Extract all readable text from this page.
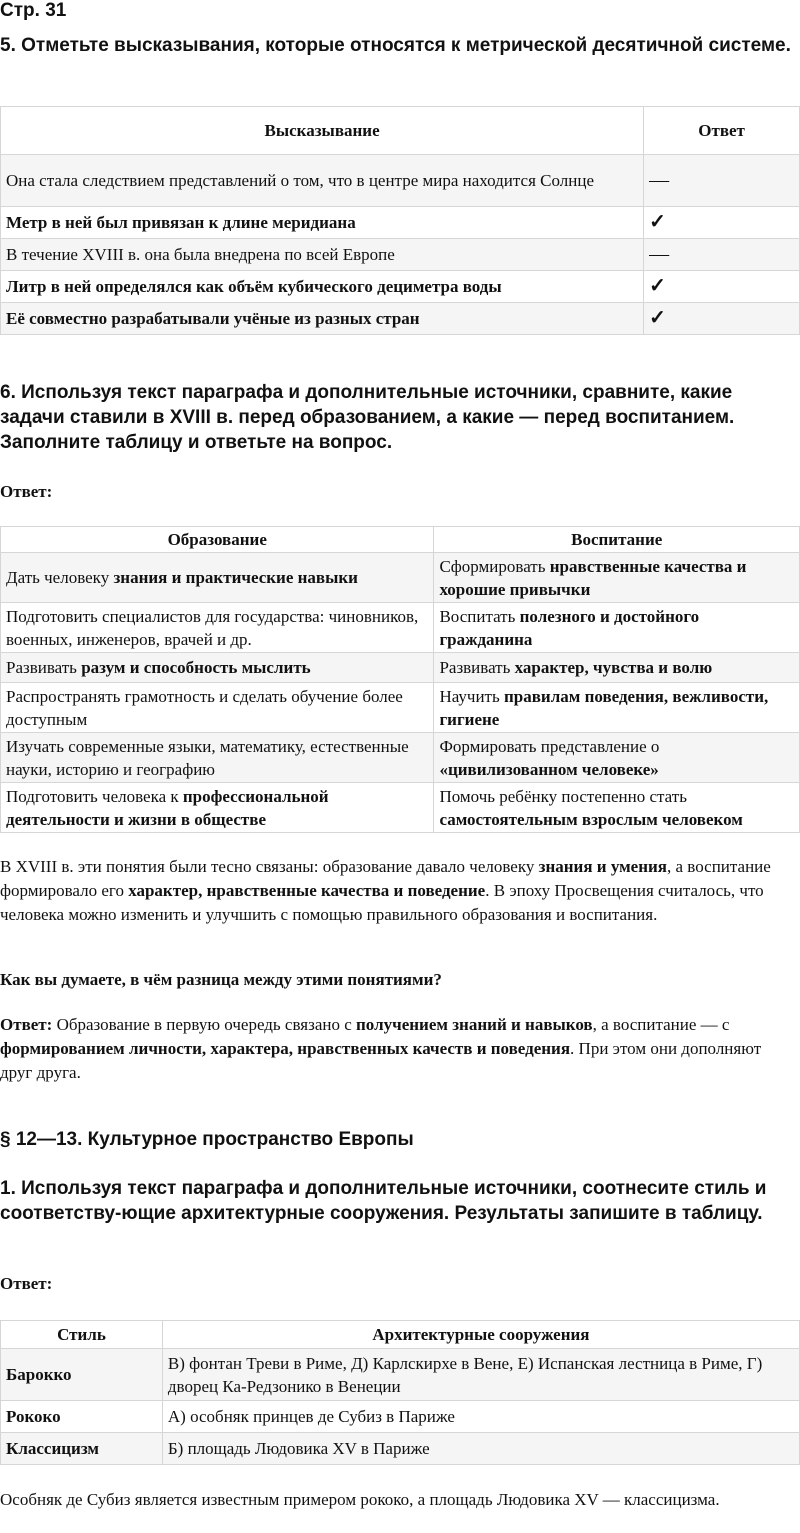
Стр. 31
5. Отметьте высказывания, которые относятся к метрической десятичной системе.
Высказывание	Ответ
Она стала следствием представлений о том, что в центре мира находится Солнце	—
Метр в ней был привязан к длине меридиана	✓
В течение XVIII в. она была внедрена по всей Европе	—
Литр в ней определялся как объём кубического дециметра воды	✓
Её совместно разрабатывали учёные из разных стран	✓
6. Используя текст параграфа и дополнительные источники, сравните, какие задачи ставили в XVIII в. перед образованием, а какие — перед воспитанием. Заполните таблицу и ответьте на вопрос.

Ответ:

Образование	Воспитание
Дать человеку знания и практические навыки	Сформировать нравственные качества и хорошие привычки
Подготовить специалистов для государства: чиновников, военных, инженеров, врачей и др.	Воспитать полезного и достойного гражданина
Развивать разум и способность мыслить	Развивать характер, чувства и волю
Распространять грамотность и сделать обучение более доступным	Научить правилам поведения, вежливости, гигиене
Изучать современные языки, математику, естественные науки, историю и географию	Формировать представление о «цивилизованном человеке»
Подготовить человека к профессиональной деятельности и жизни в обществе	Помочь ребёнку постепенно стать самостоятельным взрослым человеком

В XVIII в. эти понятия были тесно связаны: образование давало человеку знания и умения, а воспитание формировало его характер, нравственные качества и поведение. В эпоху Просвещения считалось, что человека можно изменить и улучшить с помощью правильного образования и воспитания.

Как вы думаете, в чём разница между этими понятиями?

Ответ: Образование в первую очередь связано с получением знаний и навыков, а воспитание — с формированием личности, характера, нравственных качеств и поведения. При этом они дополняют друг друга.

§ 12—13. Культурное пространство Европы
1. Используя текст параграфа и дополнительные источники, соотнесите стиль и соответству-ющие архитектурные сооружения. Результаты запишите в таблицу.

Ответ:

Стиль	Архитектурные сооружения
Барокко	В) фонтан Треви в Риме, Д) Карлскирхе в Вене, Е) Испанская лестница в Риме, Г) дворец Ка-Редзонико в Венеции
Рококо	А) особняк принцев де Субиз в Париже
Классицизм	Б) площадь Людовика XV в Париже

Особняк де Субиз является известным примером рококо, а площадь Людовика XV — классицизма.
